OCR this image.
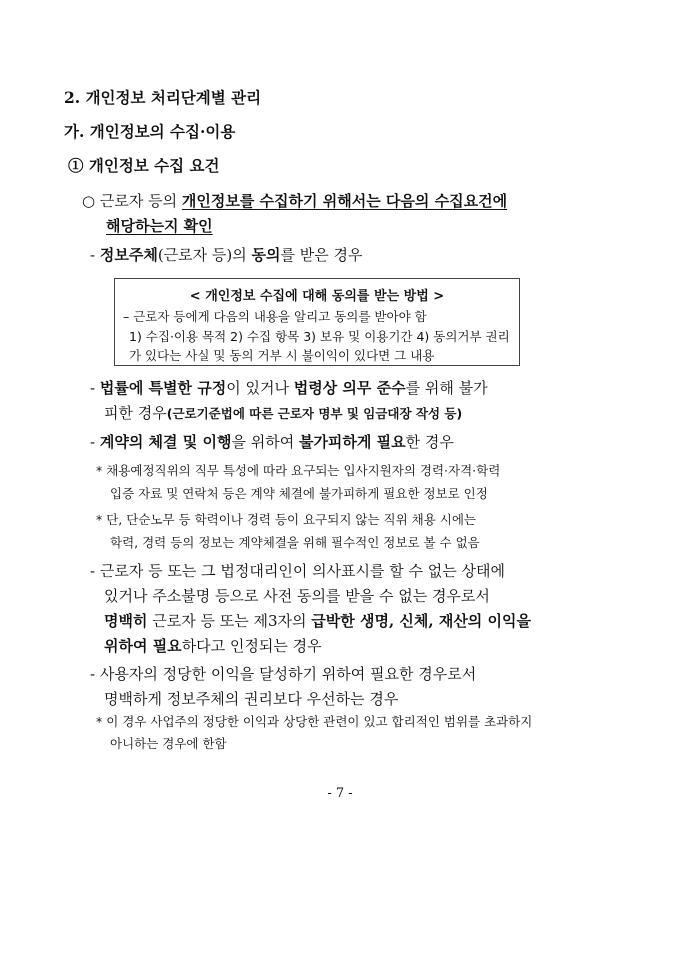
2. 개인정보 처리단계별 관리
가. 개인정보의 수집·이용
① 개인정보 수집 요건
○ 근로자 등의 개인정보를 수집하기 위해서는 다음의 수집요건에
해당하는지 확인
- 정보주체(근로자 등)의 동의를 받은 경우
< 개인정보 수집에 대해 동의를 받는 방법 >
– 근로자 등에게 다음의 내용을 알리고 동의를 받아야 함
1) 수집·이용 목적 2) 수집 항목 3) 보유 및 이용기간 4) 동의거부 권리
가 있다는 사실 및 동의 거부 시 불이익이 있다면 그 내용
- 법률에 특별한 규정이 있거나 법령상 의무 준수를 위해 불가
피한 경우(근로기준법에 따른 근로자 명부 및 임금대장 작성 등)
- 계약의 체결 및 이행을 위하여 불가피하게 필요한 경우
* 채용예정직위의 직무 특성에 따라 요구되는 입사지원자의 경력·자격·학력
입증 자료 및 연락처 등은 계약 체결에 불가피하게 필요한 정보로 인정
* 단, 단순노무 등 학력이나 경력 등이 요구되지 않는 직위 채용 시에는
학력, 경력 등의 정보는 계약체결을 위해 필수적인 정보로 볼 수 없음
- 근로자 등 또는 그 법정대리인이 의사표시를 할 수 없는 상태에
있거나 주소불명 등으로 사전 동의를 받을 수 없는 경우로서
명백히 근로자 등 또는 제3자의 급박한 생명, 신체, 재산의 이익을
위하여 필요하다고 인정되는 경우
- 사용자의 정당한 이익을 달성하기 위하여 필요한 경우로서
명백하게 정보주체의 권리보다 우선하는 경우
* 이 경우 사업주의 정당한 이익과 상당한 관련이 있고 합리적인 범위를 초과하지
아니하는 경우에 한함
- 7 -
